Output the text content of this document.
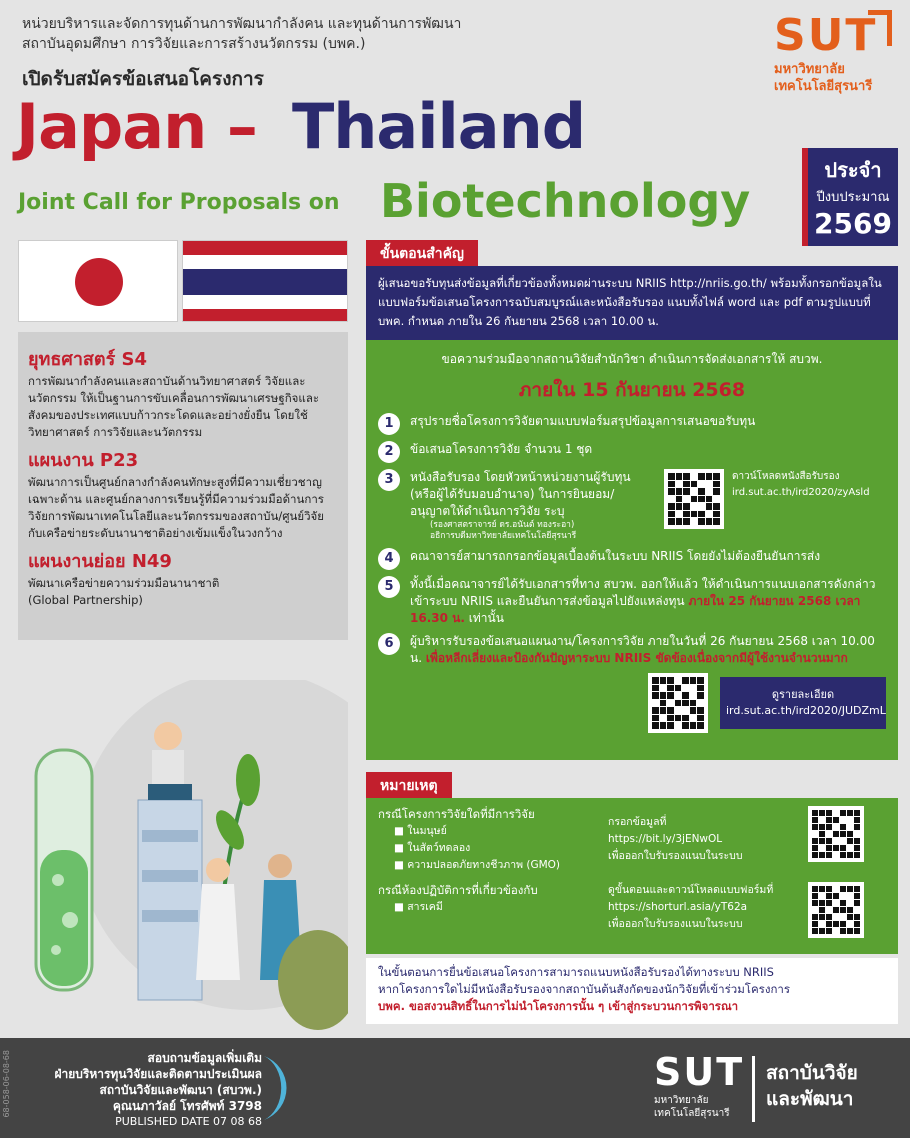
หน่วยบริหารและจัดการทุนด้านการพัฒนากำลังคน และทุนด้านการพัฒนา
สถาบันอุดมศึกษา การวิจัยและการสร้างนวัตกรรม (บพค.)
เปิดรับสมัครข้อเสนอโครงการ
Japan – Thailand
Joint Call for Proposals on Biotechnology
SUT
มหาวิทยาลัย
เทคโนโลยีสุรนารี
ประจำ
ปีงบประมาณ
2569
ยุทธศาสตร์ S4
การพัฒนากำลังคนและสถาบันด้านวิทยาศาสตร์ วิจัยและนวัตกรรม ให้เป็นฐานการขับเคลื่อนการพัฒนาเศรษฐกิจและสังคมของประเทศแบบก้าวกระโดดและอย่างยั่งยืน โดยใช้วิทยาศาสตร์ การวิจัยและนวัตกรรม
แผนงาน P23
พัฒนาการเป็นศูนย์กลางกำลังคนทักษะสูงที่มีความเชี่ยวชาญเฉพาะด้าน และศูนย์กลางการเรียนรู้ที่มีความร่วมมือด้านการวิจัยการพัฒนาเทคโนโลยีและนวัตกรรมของสถาบัน/ศูนย์วิจัยกับเครือข่ายระดับนานาชาติอย่างเข้มแข็งในวงกว้าง
แผนงานย่อย N49
พัฒนาเครือข่ายความร่วมมือนานาชาติ
(Global Partnership)
ขั้นตอนสำคัญ
ผู้เสนอขอรับทุนส่งข้อมูลที่เกี่ยวข้องทั้งหมดผ่านระบบ NRIIS http://nriis.go.th/ พร้อมทั้งกรอกข้อมูลในแบบฟอร์มข้อเสนอโครงการฉบับสมบูรณ์และหนังสือรับรอง แนบทั้งไฟล์ word และ pdf ตามรูปแบบที่ บพค. กำหนด ภายใน 26 กันยายน 2568 เวลา 10.00 น.
ขอความร่วมมือจากสถานวิจัยสำนักวิชา ดำเนินการจัดส่งเอกสารให้ สบวพ.
ภายใน 15 กันยายน 2568
1	สรุปรายชื่อโครงการวิจัยตามแบบฟอร์มสรุปข้อมูลการเสนอขอรับทุน
2	ข้อเสนอโครงการวิจัย จำนวน 1 ชุด
3	หนังสือรับรอง โดยหัวหน้าหน่วยงานผู้รับทุน (หรือผู้ได้รับมอบอำนาจ) ในการยินยอม/อนุญาตให้ดำเนินการวิจัย ระบุ
(รองศาสตราจารย์ ดร.อนันต์ ทองระอา)
อธิการบดีมหาวิทยาลัยเทคโนโลยีสุรนารี
ดาวน์โหลดหนังสือรับรอง
ird.sut.ac.th/ird2020/zyAsld
4	คณาจารย์สามารถกรอกข้อมูลเบื้องต้นในระบบ NRIIS โดยยังไม่ต้องยืนยันการส่ง
5	ทั้งนี้เมื่อคณาจารย์ได้รับเอกสารที่ทาง สบวพ. ออกให้แล้ว ให้ดำเนินการแนบเอกสารดังกล่าวเข้าระบบ NRIIS และยืนยันการส่งข้อมูลไปยังแหล่งทุน ภายใน 25 กันยายน 2568 เวลา 16.30 น. เท่านั้น
6	ผู้บริหารรับรองข้อเสนอแผนงาน/โครงการวิจัย ภายในวันที่ 26 กันยายน 2568 เวลา 10.00 น. เพื่อหลีกเลี่ยงและป้องกันปัญหาระบบ NRIIS ขัดข้องเนื่องจากมีผู้ใช้งานจำนวนมาก
ดูรายละเอียด
ird.sut.ac.th/ird2020/JUDZmL
หมายเหตุ
กรณีโครงการวิจัยใดที่มีการวิจัย
■ ในมนุษย์
■ ในสัตว์ทดลอง
■ ความปลอดภัยทางชีวภาพ (GMO)
กรอกข้อมูลที่
https://bit.ly/3jENwOL
เพื่อออกใบรับรองแนบในระบบ
กรณีห้องปฏิบัติการที่เกี่ยวข้องกับ
■ สารเคมี
ดูขั้นตอนและดาวน์โหลดแบบฟอร์มที่
https://shorturl.asia/yT62a
เพื่อออกใบรับรองแนบในระบบ
ในขั้นตอนการยื่นข้อเสนอโครงการสามารถแนบหนังสือรับรองได้ทางระบบ NRIIS
หากโครงการใดไม่มีหนังสือรับรองจากสถาบันต้นสังกัดของนักวิจัยที่เข้าร่วมโครงการ
บพค. ขอสงวนสิทธิ์ในการไม่นำโครงการนั้น ๆ เข้าสู่กระบวนการพิจารณา
สอบถามข้อมูลเพิ่มเติม
ฝ่ายบริหารทุนวิจัยและติดตามประเมินผล
สถาบันวิจัยและพัฒนา (สบวพ.)
คุณนภาวัลย์ โทรศัพท์ 3798
PUBLISHED DATE 07 08 68
SUT
มหาวิทยาลัย
เทคโนโลยีสุรนารี
สถาบันวิจัย
และพัฒนา
68-058-06-08-68
